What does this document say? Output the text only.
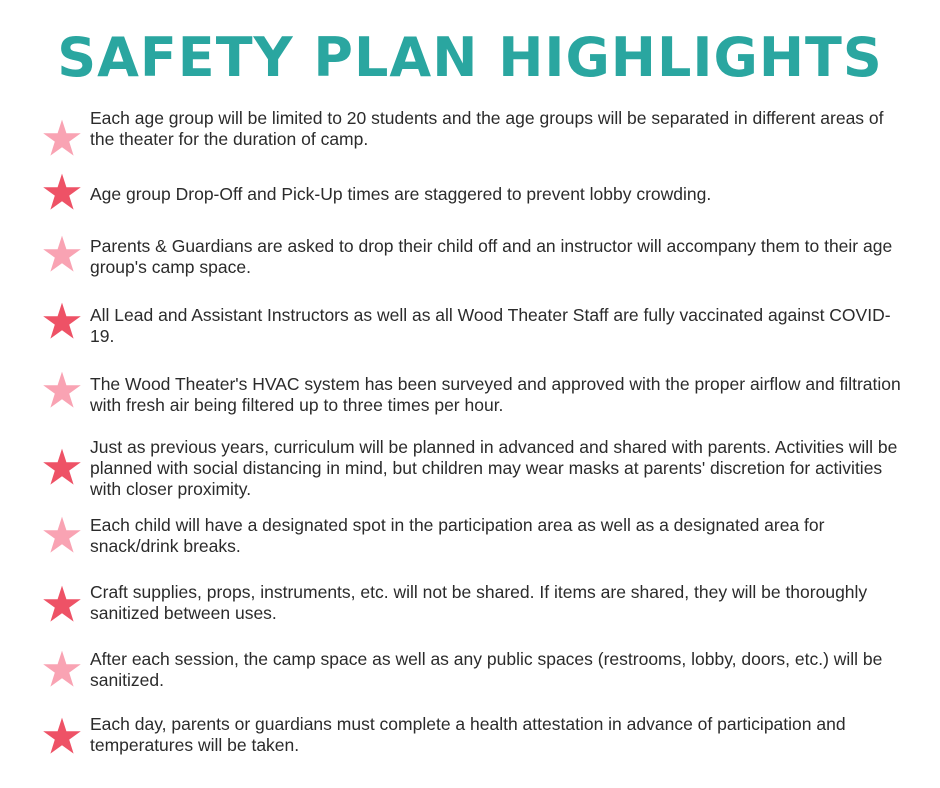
SAFETY PLAN HIGHLIGHTS
Each age group will be limited to 20 students and the age groups will be separated in different areas of the theater for the duration of camp.
Age group Drop-Off and Pick-Up times are staggered to prevent lobby crowding.
Parents & Guardians are asked to drop their child off and an instructor will accompany them to their age group's camp space.
All Lead and Assistant Instructors as well as all Wood Theater Staff are fully vaccinated against COVID-19.
The Wood Theater's HVAC system has been surveyed and approved with the proper airflow and filtration with fresh air being filtered up to three times per hour.
Just as previous years, curriculum will be planned in advanced and shared with parents. Activities will be planned with social distancing in mind, but children may wear masks at parents' discretion for activities with closer proximity.
Each child will have a designated spot in the participation area as well as a designated area for snack/drink breaks.
Craft supplies, props, instruments, etc. will not be shared. If items are shared, they will be thoroughly sanitized between uses.
After each session, the camp space as well as any public spaces (restrooms, lobby, doors, etc.) will be sanitized.
Each day, parents or guardians must complete a health attestation in advance of participation and temperatures will be taken.
